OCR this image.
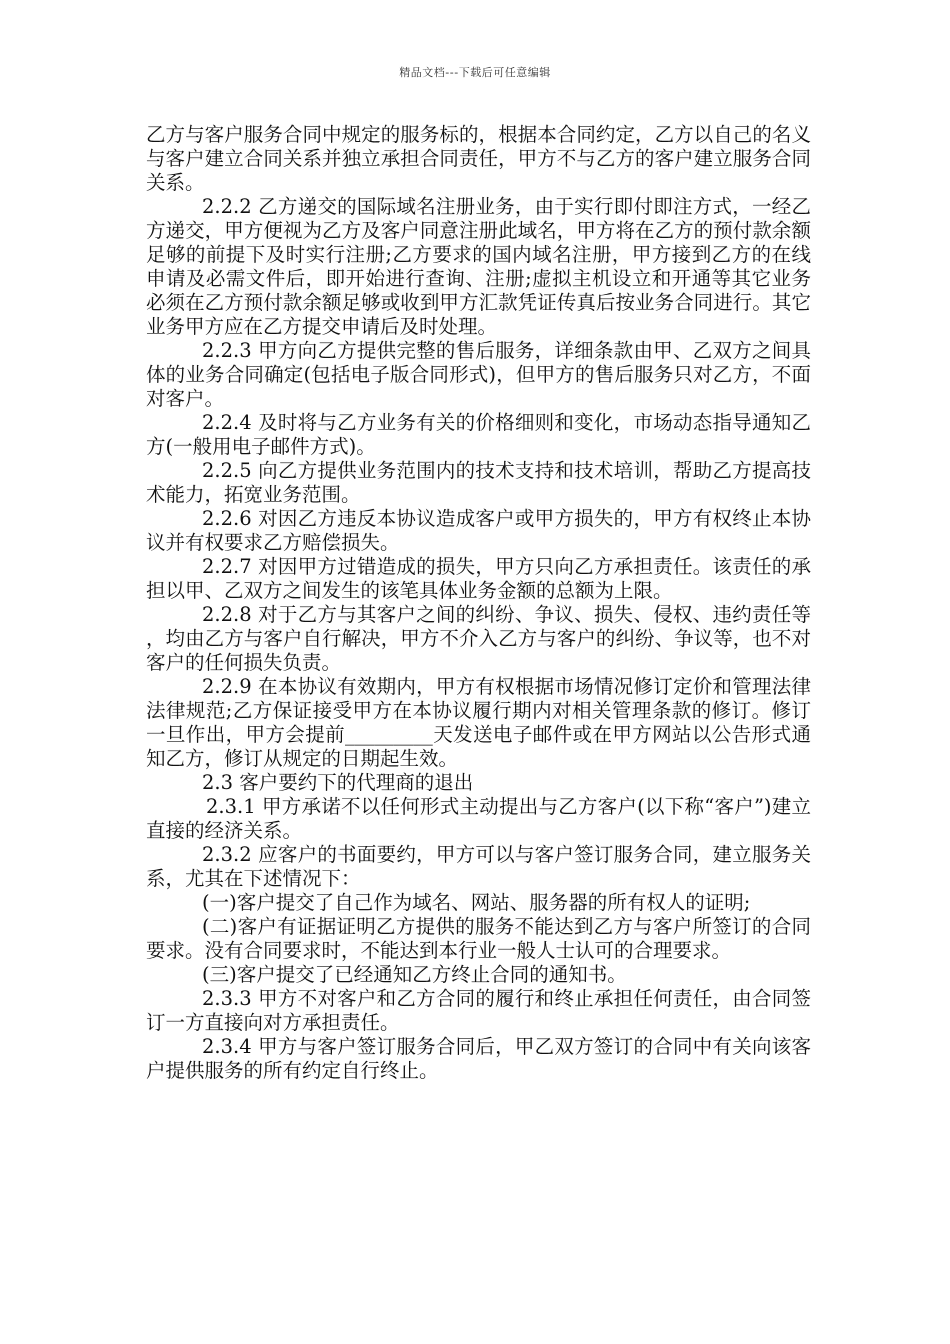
精品文档---下载后可任意编辑

乙方与客户服务合同中规定的服务标的，根据本合同约定，乙方以自己的名义与客户建立合同关系并独立承担合同责任，甲方不与乙方的客户建立服务合同关系。

2.2.2 乙方递交的国际域名注册业务，由于实行即付即注方式，一经乙方递交，甲方便视为乙方及客户同意注册此域名，甲方将在乙方的预付款余额足够的前提下及时实行注册;乙方要求的国内域名注册，甲方接到乙方的在线申请及必需文件后，即开始进行查询、注册;虚拟主机设立和开通等其它业务必须在乙方预付款余额足够或收到甲方汇款凭证传真后按业务合同进行。其它业务甲方应在乙方提交申请后及时处理。

2.2.3 甲方向乙方提供完整的售后服务，详细条款由甲、乙双方之间具体的业务合同确定(包括电子版合同形式)，但甲方的售后服务只对乙方，不面对客户。

2.2.4 及时将与乙方业务有关的价格细则和变化，市场动态指导通知乙方(一般用电子邮件方式)。

2.2.5 向乙方提供业务范围内的技术支持和技术培训，帮助乙方提高技术能力，拓宽业务范围。

2.2.6 对因乙方违反本协议造成客户或甲方损失的，甲方有权终止本协议并有权要求乙方赔偿损失。

2.2.7 对因甲方过错造成的损失，甲方只向乙方承担责任。该责任的承担以甲、乙双方之间发生的该笔具体业务金额的总额为上限。

2.2.8 对于乙方与其客户之间的纠纷、争议、损失、侵权、违约责任等，均由乙方与客户自行解决，甲方不介入乙方与客户的纠纷、争议等，也不对客户的任何损失负责。

2.2.9 在本协议有效期内，甲方有权根据市场情况修订定价和管理法律法律规范;乙方保证接受甲方在本协议履行期内对相关管理条款的修订。修订一旦作出，甲方会提前_________天发送电子邮件或在甲方网站以公告形式通知乙方，修订从规定的日期起生效。

2.3 客户要约下的代理商的退出

2.3.1 甲方承诺不以任何形式主动提出与乙方客户(以下称“客户”)建立直接的经济关系。

2.3.2 应客户的书面要约，甲方可以与客户签订服务合同，建立服务关系，尤其在下述情况下：

(一)客户提交了自己作为域名、网站、服务器的所有权人的证明;

(二)客户有证据证明乙方提供的服务不能达到乙方与客户所签订的合同要求。没有合同要求时，不能达到本行业一般人士认可的合理要求。

(三)客户提交了已经通知乙方终止合同的通知书。

2.3.3 甲方不对客户和乙方合同的履行和终止承担任何责任，由合同签订一方直接向对方承担责任。

2.3.4 甲方与客户签订服务合同后，甲乙双方签订的合同中有关向该客户提供服务的所有约定自行终止。
